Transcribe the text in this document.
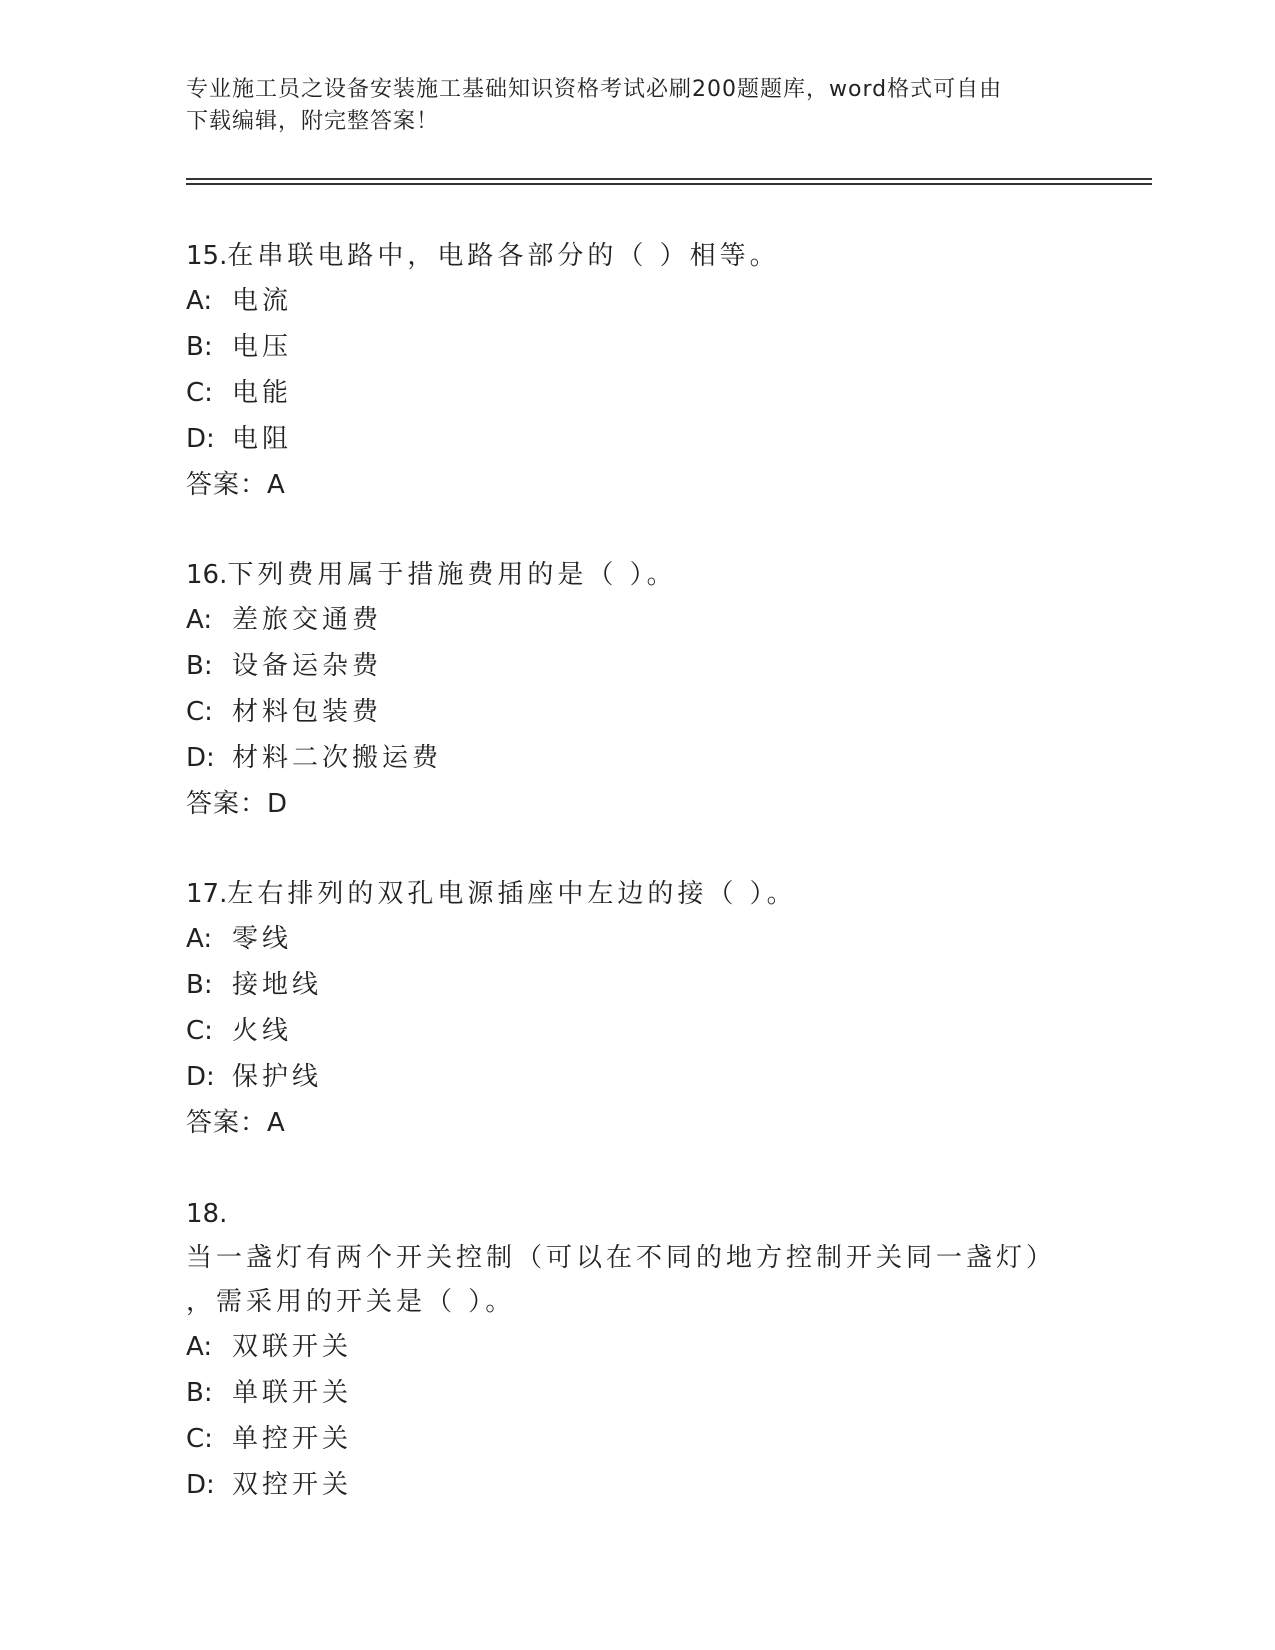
专业施工员之设备安装施工基础知识资格考试必刷200题题库，word格式可自由
下载编辑，附完整答案！
15.在串联电路中，电路各部分的（ ）相等。
A: 电流
B: 电压
C: 电能
D: 电阻
答案：A
16.下列费用属于措施费用的是（ ）。
A: 差旅交通费
B: 设备运杂费
C: 材料包装费
D: 材料二次搬运费
答案：D
17.左右排列的双孔电源插座中左边的接（ ）。
A: 零线
B: 接地线
C: 火线
D: 保护线
答案：A
18.当一盏灯有两个开关控制（可以在不同的地方控制开关同一盏灯）
，需采用的开关是（ ）。
A: 双联开关
B: 单联开关
C: 单控开关
D: 双控开关
